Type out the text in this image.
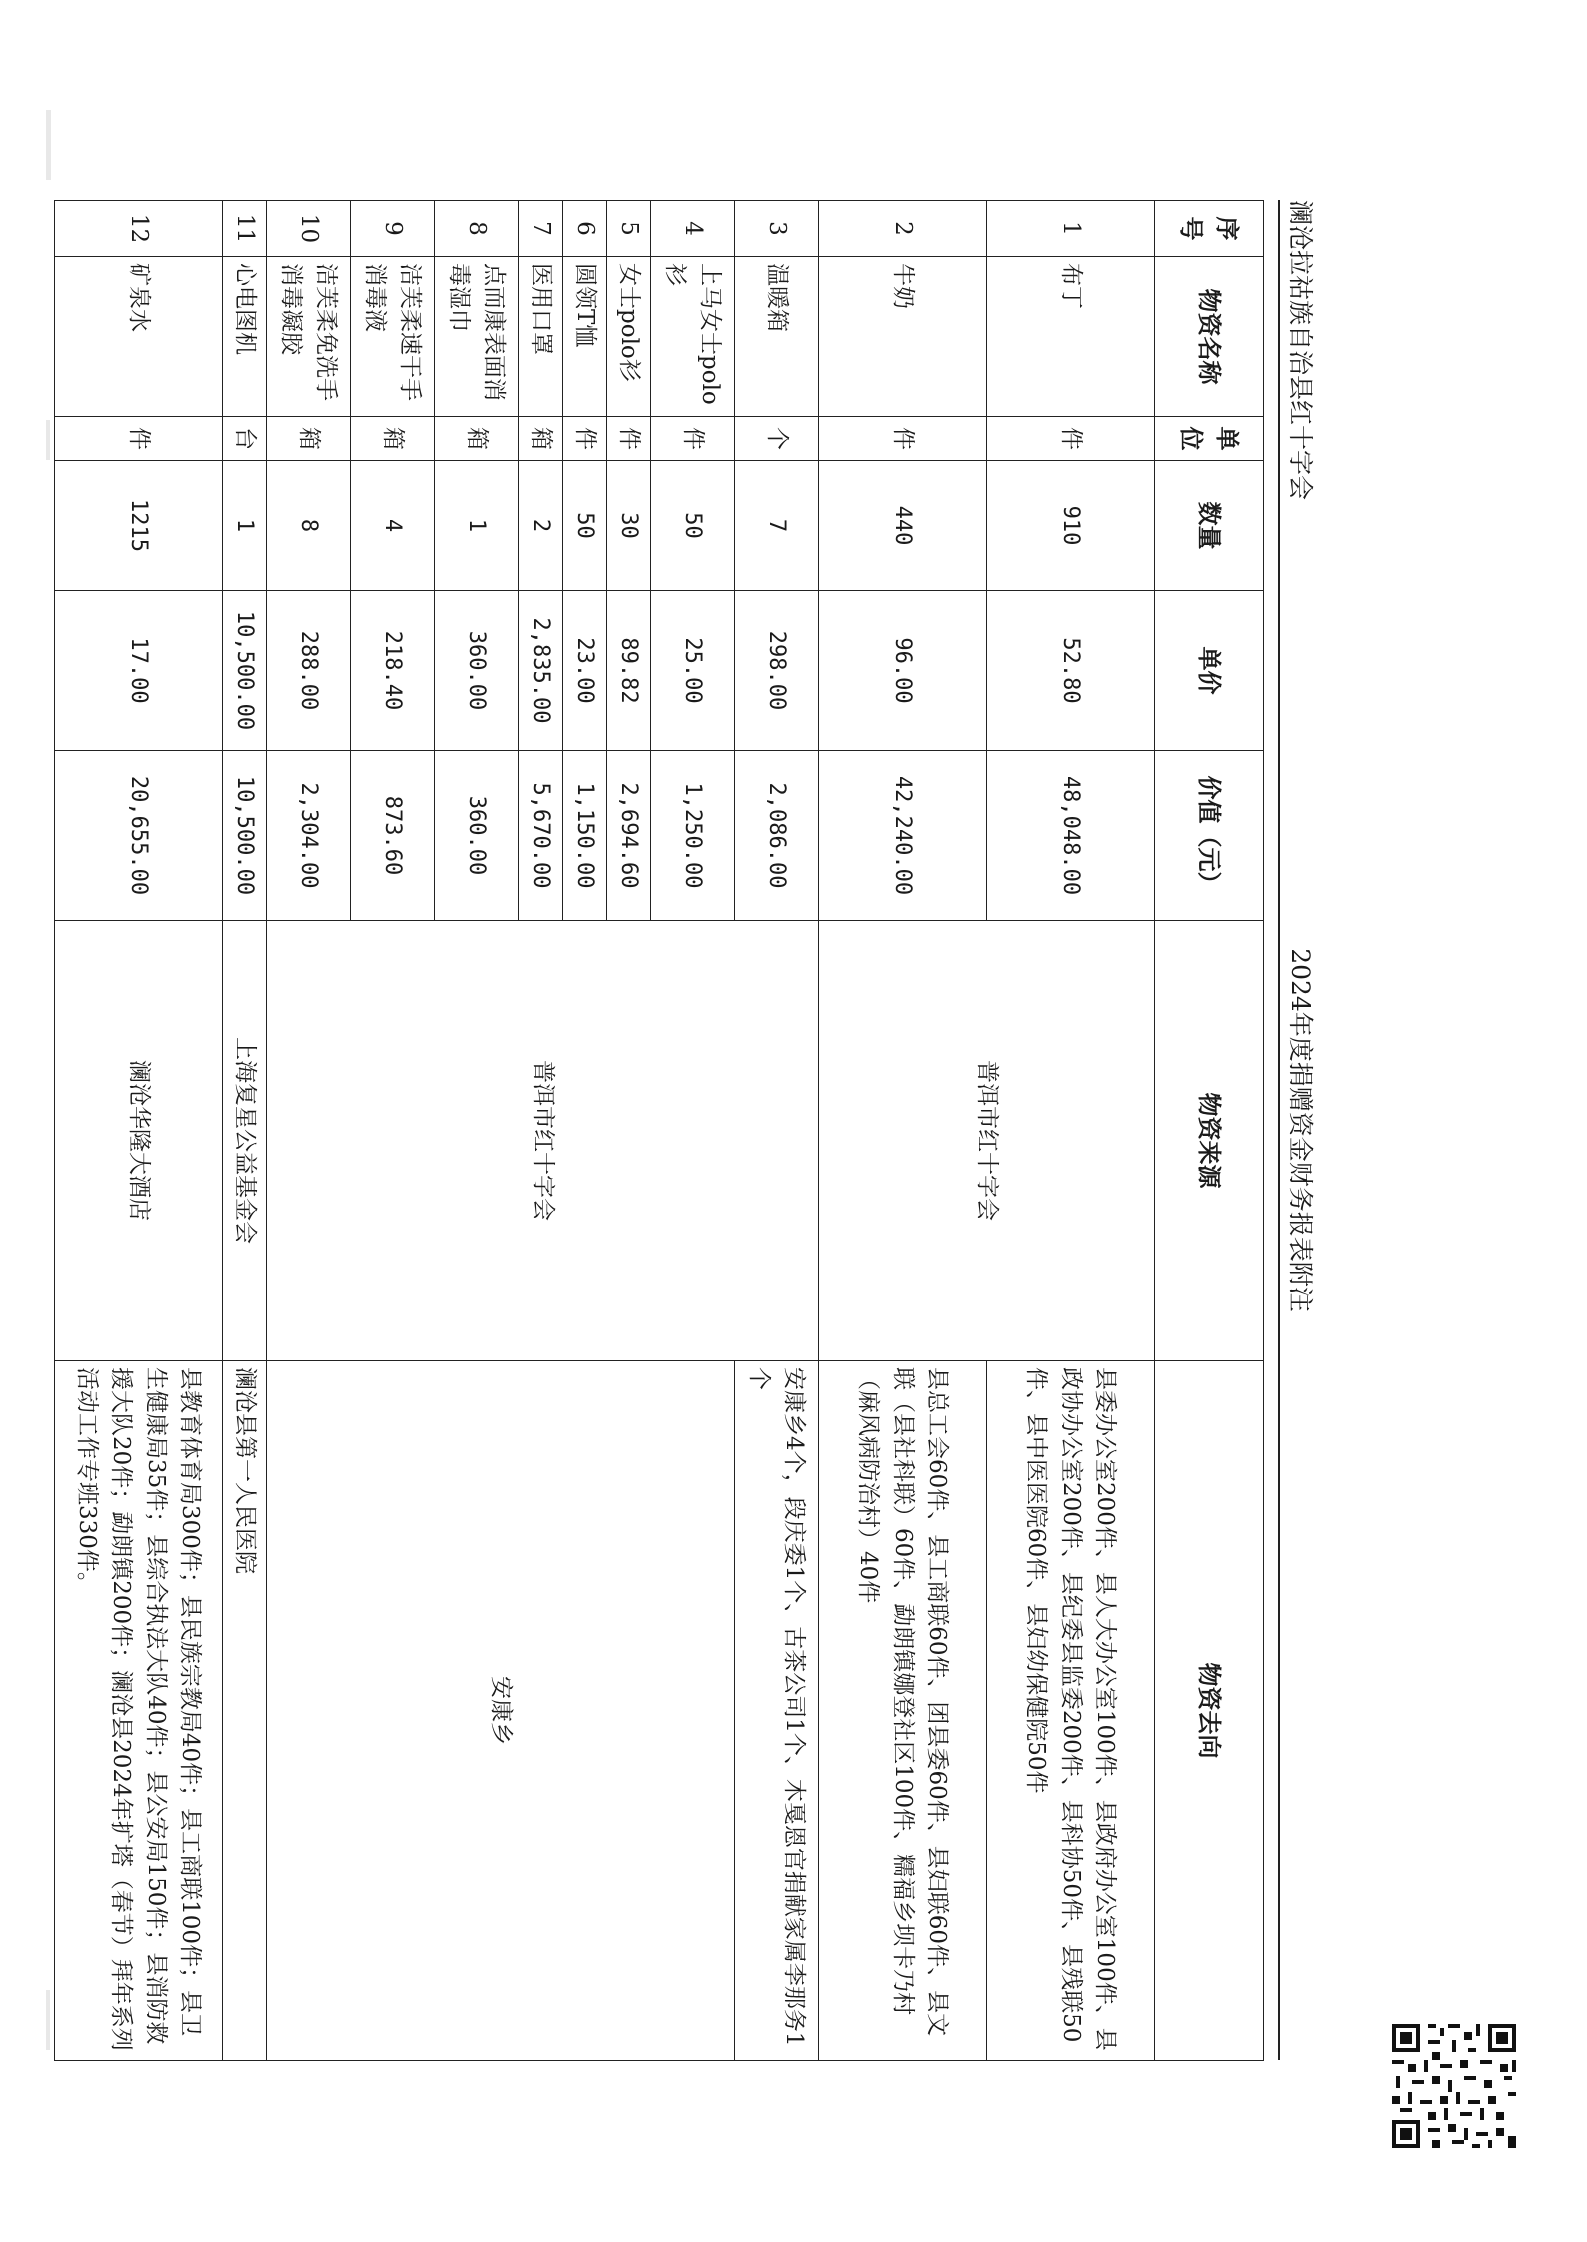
澜沧拉祜族自治县红十字会
2024年度捐赠资金财务报表附注
序号	物资名称	单位	数量	单价	价值（元）	物资来源	物资去向
1	布丁	件	910	52.80	48,048.00	普洱市红十字会	县委办公室200件、县人大办公室100件、县政府办公室100件、县政协办公室200件、县纪委县监委200件、县科协50件、县残联50件、县中医医院60件、县妇幼保健院50件
2	牛奶	件	440	96.00	42,240.00		县总工会60件、县工商联60件、团县委60件、县妇联60件、县文联（县社科联）60件、勐朗镇娜登社区100件、糯福乡坝卡乃村（麻风病防治村）40件
3	温暖箱	个	7	298.00	2,086.00	普洱市红十字会	安康乡4个，段庆委1个、古茶公司1个、木戛恩官捐献家属李那务1个
4	上马女士polo衫	件	50	25.00	1,250.00		安康乡
5	女士polo衫	件	30	89.82	2,694.60		
6	圆领T恤	件	50	23.00	1,150.00		
7	医用口罩	箱	2	2,835.00	5,670.00		
8	点而康表面消毒湿巾	箱	1	360.00	360.00		
9	洁芙柔速干手消毒液	箱	4	218.40	873.60		
10	洁芙柔免洗手消毒凝胶	箱	8	288.00	2,304.00		
11	心电图机	台	1	10,500.00	10,500.00	上海复星公益基金会	澜沧县第一人民医院
12	矿泉水	件	1215	17.00	20,655.00	澜沧华隆大酒店	县教育体育局300件；县民族宗教局40件；县工商联100件；县卫生健康局35件；县综合执法大队40件；县公安局150件；县消防救援大队20件；勐朗镇200件；澜沧县2024年扩塔（春节）拜年系列活动工作专班330件。
